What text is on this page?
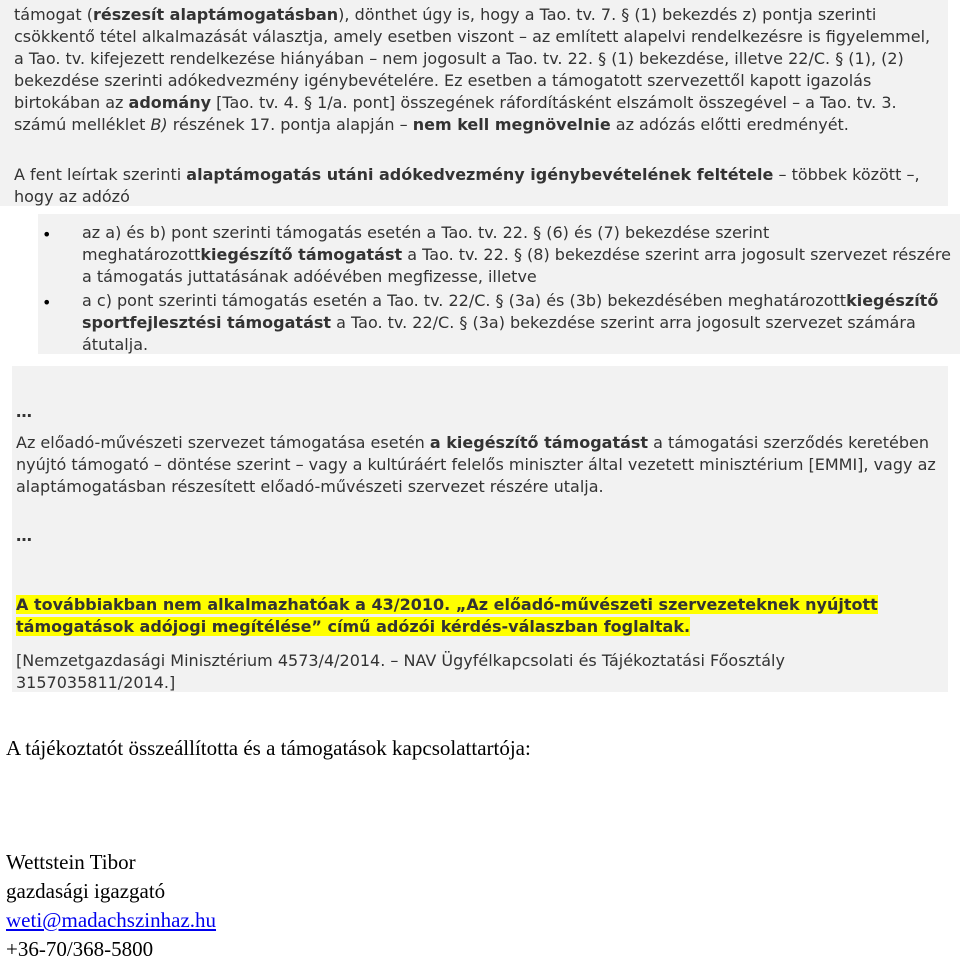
támogat (részesít alaptámogatásban), dönthet úgy is, hogy a Tao. tv. 7. § (1) bekezdés z) pontja szerinti csökkentő tétel alkalmazását választja, amely esetben viszont – az említett alapelvi rendelkezésre is figyelemmel, a Tao. tv. kifejezett rendelkezése hiányában – nem jogosult a Tao. tv. 22. § (1) bekezdése, illetve 22/C. § (1), (2) bekezdése szerinti adókedvezmény igénybevételére. Ez esetben a támogatott szervezettől kapott igazolás birtokában az adomány [Tao. tv. 4. § 1/a. pont] összegének ráfordításként elszámolt összegével – a Tao. tv. 3. számú melléklet B) részének 17. pontja alapján – nem kell megnövelnie az adózás előtti eredményét.

A fent leírtak szerinti alaptámogatás utáni adókedvezmény igénybevételének feltétele – többek között –, hogy az adózó

• az a) és b) pont szerinti támogatás esetén a Tao. tv. 22. § (6) és (7) bekezdése szerint meghatározottkiegészítő támogatást a Tao. tv. 22. § (8) bekezdése szerint arra jogosult szervezet részére a támogatás juttatásának adóévében megfizesse, illetve

• a c) pont szerinti támogatás esetén a Tao. tv. 22/C. § (3a) és (3b) bekezdésében meghatározottkiegészítő sportfejlesztési támogatást a Tao. tv. 22/C. § (3a) bekezdése szerint arra jogosult szervezet számára átutalja.

…

Az előadó-művészeti szervezet támogatása esetén a kiegészítő támogatást a támogatási szerződés keretében nyújtó támogató – döntése szerint – vagy a kultúráért felelős miniszter által vezetett minisztérium [EMMI], vagy az alaptámogatásban részesített előadó-művészeti szervezet részére utalja.

…

A továbbiakban nem alkalmazhatóak a 43/2010. „Az előadó-művészeti szervezeteknek nyújtott támogatások adójogi megítélése” című adózói kérdés-válaszban foglaltak.

[Nemzetgazdasági Minisztérium 4573/4/2014. – NAV Ügyfélkapcsolati és Tájékoztatási Főosztály 3157035811/2014.]

A tájékoztatót összeállította és a támogatások kapcsolattartója:

Wettstein Tibor
gazdasági igazgató
weti@madachszinhaz.hu
+36-70/368-5800
